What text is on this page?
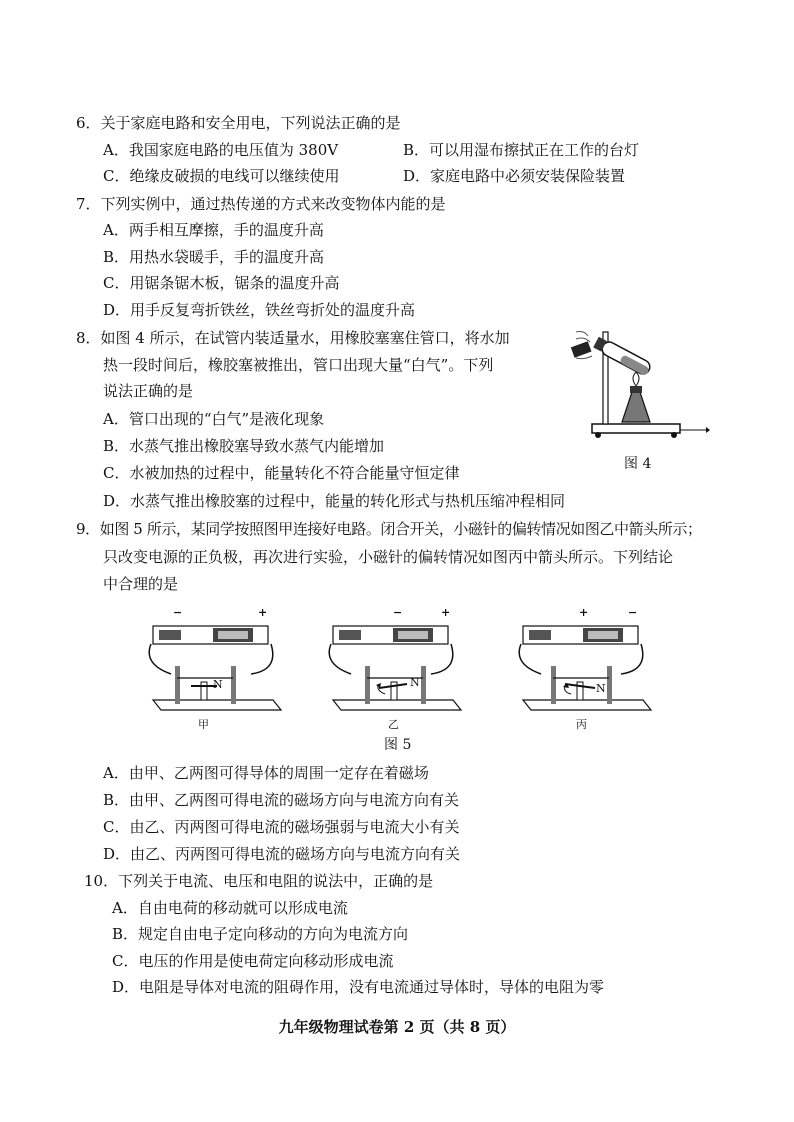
6．关于家庭电路和安全用电，下列说法正确的是
A．我国家庭电路的电压值为 380V	B．可以用湿布擦拭正在工作的台灯
C．绝缘皮破损的电线可以继续使用	D．家庭电路中必须安装保险装置
7．下列实例中，通过热传递的方式来改变物体内能的是
A．两手相互摩擦，手的温度升高
B．用热水袋暖手，手的温度升高
C．用锯条锯木板，锯条的温度升高
D．用手反复弯折铁丝，铁丝弯折处的温度升高
8．如图 4 所示，在试管内装适量水，用橡胶塞塞住管口，将水加
热一段时间后，橡胶塞被推出，管口出现大量“白气”。下列
说法正确的是
A．管口出现的“白气”是液化现象
B．水蒸气推出橡胶塞导致水蒸气内能增加
C．水被加热的过程中，能量转化不符合能量守恒定律
D．水蒸气推出橡胶塞的过程中，能量的转化形式与热机压缩冲程相同
图 4
9．如图 5 所示，某同学按照图甲连接好电路。闭合开关，小磁针的偏转情况如图乙中箭头所示；
只改变电源的正负极，再次进行实验，小磁针的偏转情况如图丙中箭头所示。下列结论
中合理的是
−	+
N
甲
−	+
N
乙
+	−
N
丙
图 5
A．由甲、乙两图可得导体的周围一定存在着磁场
B．由甲、乙两图可得电流的磁场方向与电流方向有关
C．由乙、丙两图可得电流的磁场强弱与电流大小有关
D．由乙、丙两图可得电流的磁场方向与电流方向有关
10．下列关于电流、电压和电阻的说法中，正确的是
A．自由电荷的移动就可以形成电流
B．规定自由电子定向移动的方向为电流方向
C．电压的作用是使电荷定向移动形成电流
D．电阻是导体对电流的阻碍作用，没有电流通过导体时，导体的电阻为零
九年级物理试卷第 2 页（共 8 页）
